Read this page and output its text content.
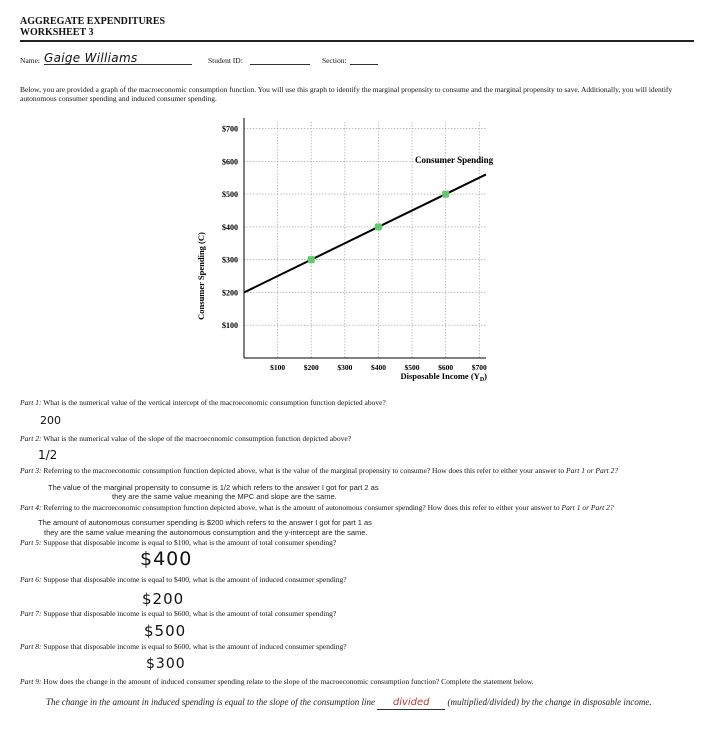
AGGREGATE EXPENDITURES
WORKSHEET 3
Name: Gaige Williams	Student ID:	Section:
Below, you are provided a graph of the macroeconomic consumption function. You will use this graph to identify the marginal propensity to consume and the marginal propensity to save. Additionally, you will identify autonomous consumer spending and induced consumer spending.
$100
$200
$300
$400
$500
$600
$700
$100 $200 $300 $400 $500 $600 $700
Consumer Spending (C)
Disposable Income $(Y_D)$
Consumer Spending
Part 1: What is the numerical value of the vertical intercept of the macroeconomic consumption function depicted above?
200
Part 2: What is the numerical value of the slope of the macroeconomic consumption function depicted above?
1/2
Part 3: Referring to the macroeconomic consumption function depicted above, what is the value of the marginal propensity to consume? How does this refer to either your answer to Part 1 or Part 2?
The value of the marginal propensity to consume is 1/2 which refers to the answer I got for part 2 as
they are the same value meaning the MPC and slope are the same.
Part 4: Referring to the macroeconomic consumption function depicted above, what is the amount of autonomous consumer spending? How does this refer to either your answer to Part 1 or Part 2?
The amount of autonomous consumer spending is $200 which refers to the answer I got for part 1 as
they are the same value meaning the autonomous consumption and the y-intercept are the same.
Part 5: Suppose that disposable income is equal to $100, what is the amount of total consumer spending?
$400
Part 6: Suppose that disposable income is equal to $400, what is the amount of induced consumer spending?
$200
Part 7: Suppose that disposable income is equal to $600, what is the amount of total consumer spending?
$500
Part 8: Suppose that disposable income is equal to $600, what is the amount of induced consumer spending?
$300
Part 9: How does the change in the amount of induced consumer spending relate to the slope of the macroeconomic consumption function? Complete the statement below.
The change in the amount in induced spending is equal to the slope of the consumption line divided (multiplied/divided) by the change in disposable income.
